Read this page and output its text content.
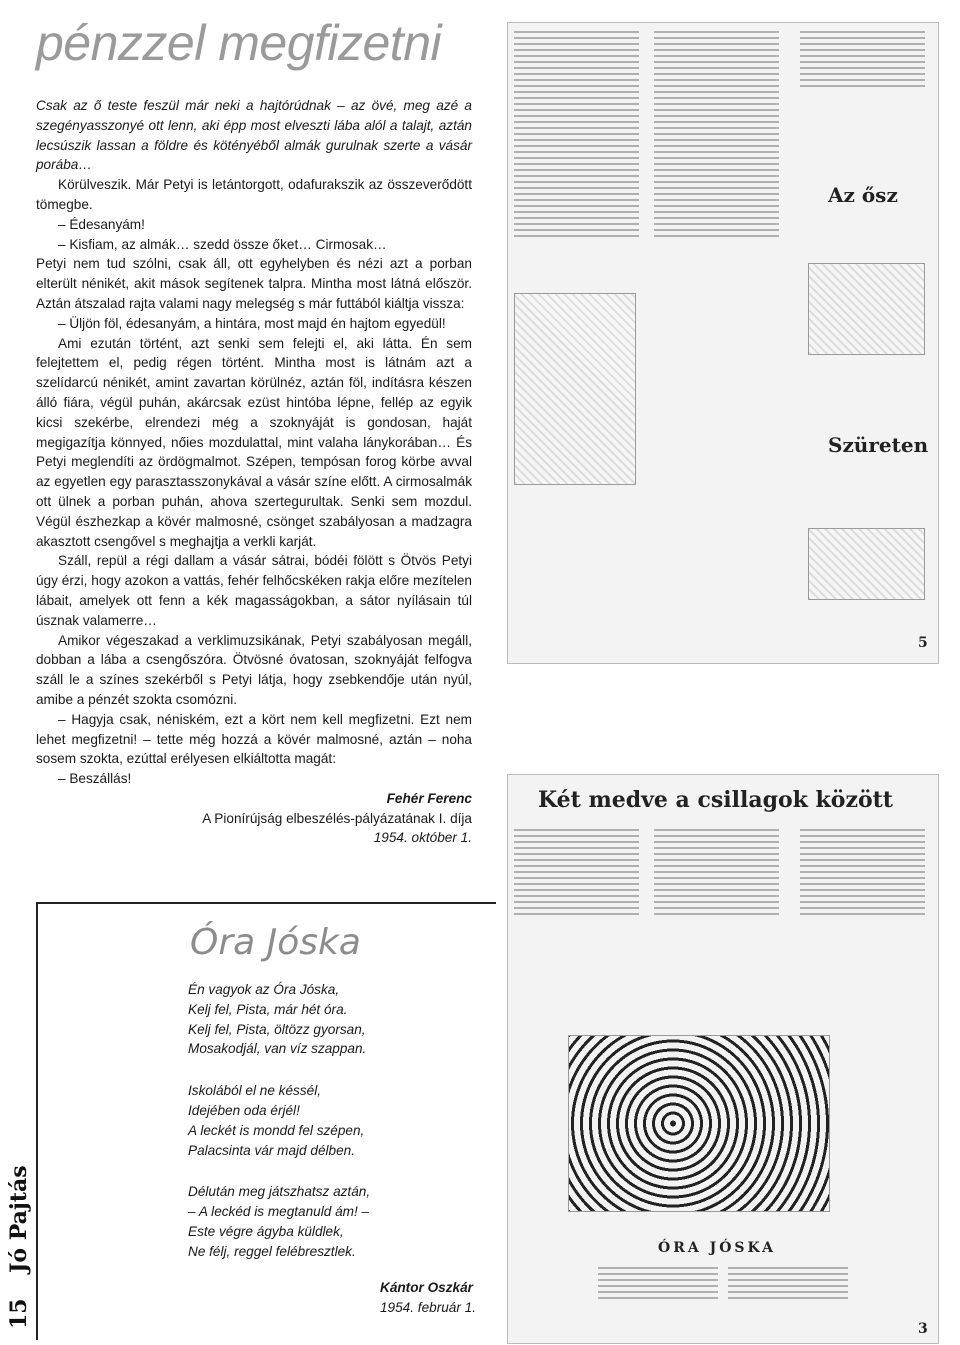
pénzzel megfizetni

Csak az ő teste feszül már neki a hajtórúdnak – az övé, meg azé a szegényasszonyé ott lenn, aki épp most elveszti lába alól a talajt, aztán lecsúszik lassan a földre és kötényéből almák gurulnak szerte a vásár porába…

Körülveszik. Már Petyi is letántorgott, odafurakszik az összeverődött tömegbe.

– Édesanyám!

– Kisfiam, az almák… szedd össze őket… Cirmosak…

Petyi nem tud szólni, csak áll, ott egyhelyben és nézi azt a porban elterült nénikét, akit mások segítenek talpra. Mintha most látná először. Aztán átszalad rajta valami nagy melegség s már futtából kiáltja vissza:

– Üljön föl, édesanyám, a hintára, most majd én hajtom egyedül!

Ami ezután történt, azt senki sem felejti el, aki látta. Én sem felejtettem el, pedig régen történt. Mintha most is látnám azt a szelídarcú nénikét, amint zavartan körülnéz, aztán föl, indításra készen álló fiára, végül puhán, akárcsak ezüst hintóba lépne, fellép az egyik kicsi szekérbe, elrendezi még a szoknyáját is gondosan, haját megigazítja könnyed, nőies mozdulattal, mint valaha lánykorában… És Petyi meglendíti az ördögmalmot. Szépen, tempósan forog körbe avval az egyetlen egy parasztasszonykával a vásár színe előtt. A cirmosalmák ott ülnek a porban puhán, ahova szertegurultak. Senki sem mozdul. Végül észhezkap a kövér malmosné, csönget szabályosan a madzagra akasztott csengővel s meghajtja a verkli karját.

Száll, repül a régi dallam a vásár sátrai, bódéi fölött s Ötvös Petyi úgy érzi, hogy azokon a vattás, fehér felhőcskéken rakja előre mezítelen lábait, amelyek ott fenn a kék magasságokban, a sátor nyílásain túl úsznak valamerre…

Amikor végeszakad a verklimuzsikának, Petyi szabályosan megáll, dobban a lába a csengőszóra. Ötvösné óvatosan, szoknyáját felfogva száll le a színes szekérből s Petyi látja, hogy zsebkendője után nyúl, amibe a pénzét szokta csomózni.

– Hagyja csak, néniském, ezt a kört nem kell megfizetni. Ezt nem lehet megfizetni! – tette még hozzá a kövér malmosné, aztán – noha sosem szokta, ezúttal erélyesen elkiáltotta magát:

– Beszállás!

Fehér Ferenc
A Pionírújság elbeszélés-pályázatának I. díja
1954. október 1.
Óra Jóska
Én vagyok az Óra Jóska,
Kelj fel, Pista, már hét óra.
Kelj fel, Pista, öltözz gyorsan,
Mosakodjál, van víz szappan.
Iskolából el ne késsél,
Idejében oda érjél!
A leckét is mondd fel szépen,
Palacsinta vár majd délben.
Délután meg játszhatsz aztán,
– A leckéd is megtanuld ám! –
Este végre ágyba küldlek,
Ne félj, reggel felébresztlek.
Kántor Oszkár
1954. február 1.
15  Jó Pajtás
Az ősz
Szüreten
5
Két medve a csillagok között
ÓRA JÓSKA
3
